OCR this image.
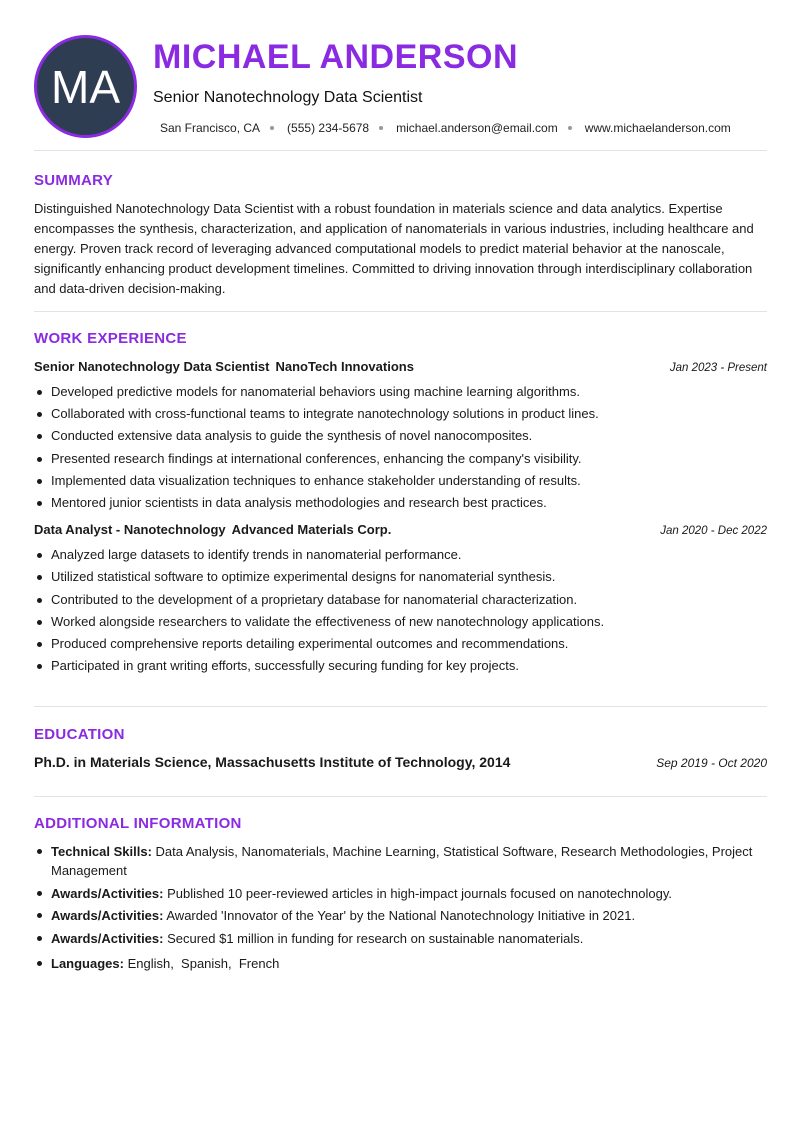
MA
MICHAEL ANDERSON
Senior Nanotechnology Data Scientist
San Francisco, CA (555) 234-5678 michael.anderson@email.com www.michaelanderson.com
SUMMARY

Distinguished Nanotechnology Data Scientist with a robust foundation in materials science and data analytics. Expertise encompasses the synthesis, characterization, and application of nanomaterials in various industries, including healthcare and energy. Proven track record of leveraging advanced computational models to predict material behavior at the nanoscale, significantly enhancing product development timelines. Committed to driving innovation through interdisciplinary collaboration and data-driven decision-making.

WORK EXPERIENCE
Senior Nanotechnology Data Scientist NanoTech Innovations	Jan 2023 - Present
Developed predictive models for nanomaterial behaviors using machine learning algorithms.
Collaborated with cross-functional teams to integrate nanotechnology solutions in product lines.
Conducted extensive data analysis to guide the synthesis of novel nanocomposites.
Presented research findings at international conferences, enhancing the company's visibility.
Implemented data visualization techniques to enhance stakeholder understanding of results.
Mentored junior scientists in data analysis methodologies and research best practices.
Data Analyst - Nanotechnology Advanced Materials Corp.	Jan 2020 - Dec 2022
Analyzed large datasets to identify trends in nanomaterial performance.
Utilized statistical software to optimize experimental designs for nanomaterial synthesis.
Contributed to the development of a proprietary database for nanomaterial characterization.
Worked alongside researchers to validate the effectiveness of new nanotechnology applications.
Produced comprehensive reports detailing experimental outcomes and recommendations.
Participated in grant writing efforts, successfully securing funding for key projects.
EDUCATION
Ph.D. in Materials Science, Massachusetts Institute of Technology, 2014	Sep 2019 - Oct 2020
ADDITIONAL INFORMATION
Technical Skills: Data Analysis, Nanomaterials, Machine Learning, Statistical Software, Research Methodologies, Project Management
Awards/Activities: Published 10 peer-reviewed articles in high-impact journals focused on nanotechnology.
Awards/Activities: Awarded 'Innovator of the Year' by the National Nanotechnology Initiative in 2021.
Awards/Activities: Secured $1 million in funding for research on sustainable nanomaterials.
Languages: English,  Spanish,  French
